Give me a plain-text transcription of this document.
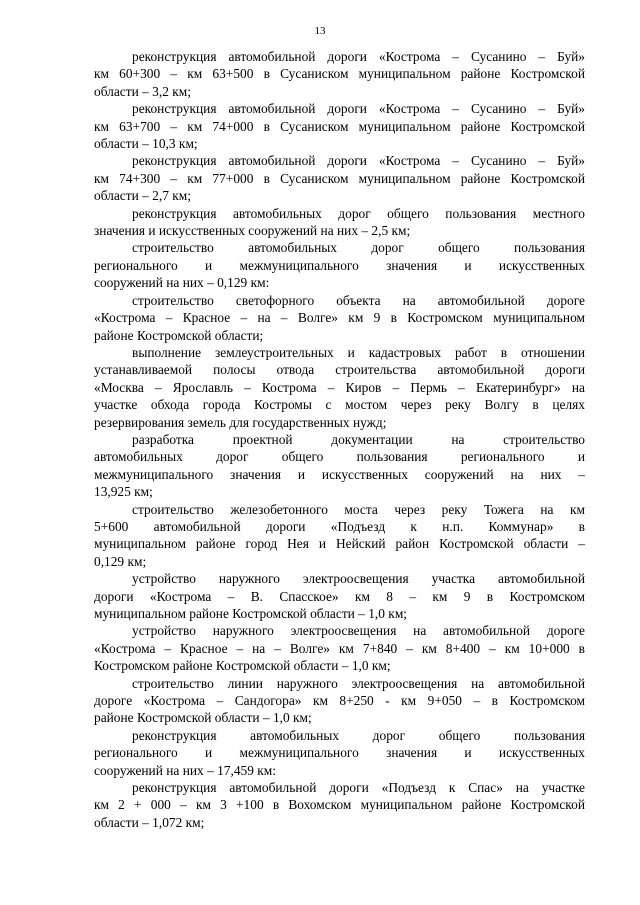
13

реконструкция автомобильной дороги «Кострома – Сусанино – Буй»
км 60+300 – км 63+500 в Сусаниском муниципальном районе Костромской
области – 3,2 км;

реконструкция автомобильной дороги «Кострома – Сусанино – Буй»
км 63+700 – км 74+000 в Сусаниском муниципальном районе Костромской
области – 10,3 км;

реконструкция автомобильной дороги «Кострома – Сусанино – Буй»
км 74+300 – км 77+000 в Сусаниском муниципальном районе Костромской
области – 2,7 км;

реконструкция автомобильных дорог общего пользования местного
значения и искусственных сооружений на них – 2,5 км;

строительство автомобильных дорог общего пользования
регионального и межмуниципального значения и искусственных
сооружений на них – 0,129 км:

строительство светофорного объекта на автомобильной дороге
«Кострома – Красное – на – Волге» км 9 в Костромском муниципальном
районе Костромской области;

выполнение землеустроительных и кадастровых работ в отношении
устанавливаемой полосы отвода строительства автомобильной дороги
«Москва – Ярославль – Кострома – Киров – Пермь – Екатеринбург» на
участке обхода города Костромы с мостом через реку Волгу в целях
резервирования земель для государственных нужд;

разработка проектной документации на строительство
автомобильных дорог общего пользования регионального и
межмуниципального значения и искусственных сооружений на них –
13,925 км;

строительство железобетонного моста через реку Тожега на км
5+600 автомобильной дороги «Подъезд к н.п. Коммунар» в
муниципальном районе город Нея и Нейский район Костромской области –
0,129 км;

устройство наружного электроосвещения участка автомобильной
дороги «Кострома – В. Спасское» км 8 – км 9 в Костромском
муниципальном районе Костромской области – 1,0 км;

устройство наружного электроосвещения на автомобильной дороге
«Кострома – Красное – на – Волге» км 7+840 – км 8+400 – км 10+000 в
Костромском районе Костромской области – 1,0 км;

строительство линии наружного электроосвещения на автомобильной
дороге «Кострома – Сандогора» км 8+250 - км 9+050 – в Костромском
районе Костромской области – 1,0 км;

реконструкция автомобильных дорог общего пользования
регионального и межмуниципального значения и искусственных
сооружений на них – 17,459 км:

реконструкция автомобильной дороги «Подъезд к Спас» на участке
км 2 + 000 – км 3 +100 в Вохомском муниципальном районе Костромской
области – 1,072 км;
